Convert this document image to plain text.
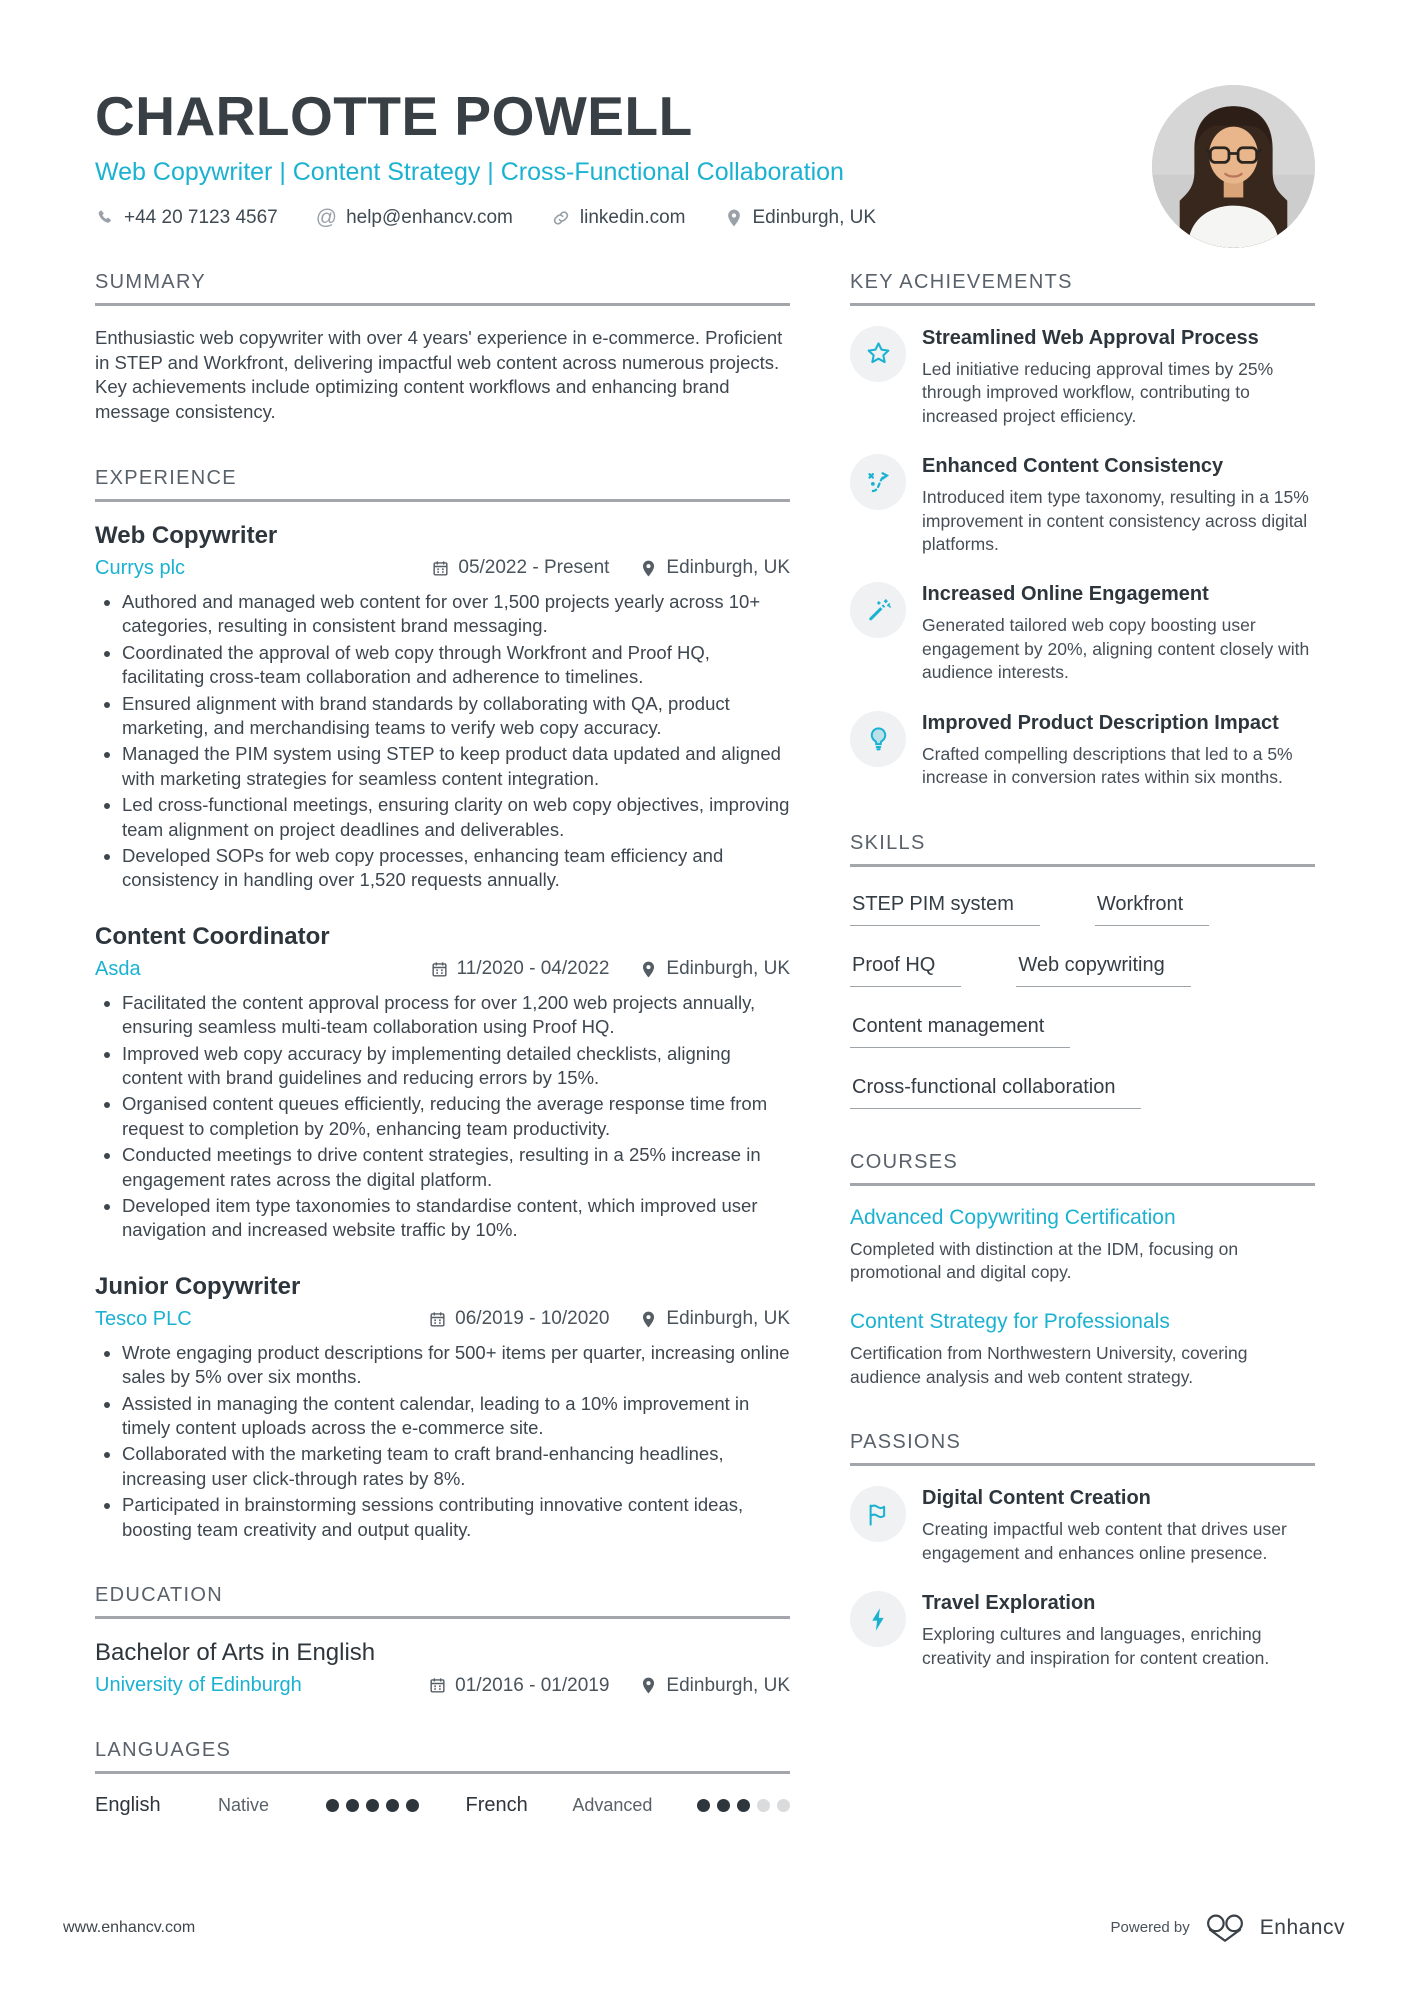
CHARLOTTE POWELL
Web Copywriter | Content Strategy | Cross-Functional Collaboration
+44 20 7123 4567 @ help@enhancv.com	linkedin.com	Edinburgh, UK
SUMMARY
Enthusiastic web copywriter with over 4 years' experience in e-commerce. Proficient in STEP and Workfront, delivering impactful web content across numerous projects. Key achievements include optimizing content workflows and enhancing brand message consistency.
EXPERIENCE
Web Copywriter
Currys plc	05/2022 - Present	Edinburgh, UK
• Authored and managed web content for over 1,500 projects yearly across 10+ categories, resulting in consistent brand messaging.
• Coordinated the approval of web copy through Workfront and Proof HQ, facilitating cross-team collaboration and adherence to timelines.
• Ensured alignment with brand standards by collaborating with QA, product marketing, and merchandising teams to verify web copy accuracy.
• Managed the PIM system using STEP to keep product data updated and aligned with marketing strategies for seamless content integration.
• Led cross-functional meetings, ensuring clarity on web copy objectives, improving team alignment on project deadlines and deliverables.
• Developed SOPs for web copy processes, enhancing team efficiency and consistency in handling over 1,520 requests annually.
Content Coordinator
Asda	11/2020 - 04/2022	Edinburgh, UK
• Facilitated the content approval process for over 1,200 web projects annually, ensuring seamless multi-team collaboration using Proof HQ.
• Improved web copy accuracy by implementing detailed checklists, aligning content with brand guidelines and reducing errors by 15%.
• Organised content queues efficiently, reducing the average response time from request to completion by 20%, enhancing team productivity.
• Conducted meetings to drive content strategies, resulting in a 25% increase in engagement rates across the digital platform.
• Developed item type taxonomies to standardise content, which improved user navigation and increased website traffic by 10%.
Junior Copywriter
Tesco PLC	06/2019 - 10/2020	Edinburgh, UK
• Wrote engaging product descriptions for 500+ items per quarter, increasing online sales by 5% over six months.
• Assisted in managing the content calendar, leading to a 10% improvement in timely content uploads across the e-commerce site.
• Collaborated with the marketing team to craft brand-enhancing headlines, increasing user click-through rates by 8%.
• Participated in brainstorming sessions contributing innovative content ideas, boosting team creativity and output quality.
EDUCATION
Bachelor of Arts in English
University of Edinburgh	01/2016 - 01/2019	Edinburgh, UK
LANGUAGES
English	Native	French Advanced
KEY ACHIEVEMENTS
Streamlined Web Approval Process
Led initiative reducing approval times by 25% through improved workflow, contributing to increased project efficiency.
Enhanced Content Consistency
Introduced item type taxonomy, resulting in a 15% improvement in content consistency across digital platforms.
Increased Online Engagement
Generated tailored web copy boosting user engagement by 20%, aligning content closely with audience interests.
Improved Product Description Impact
Crafted compelling descriptions that led to a 5% increase in conversion rates within six months.
SKILLS
STEP PIM system	Workfront
Proof HQ	Web copywriting
Content management
Cross-functional collaboration
COURSES
Advanced Copywriting Certification
Completed with distinction at the IDM, focusing on promotional and digital copy.
Content Strategy for Professionals
Certification from Northwestern University, covering audience analysis and web content strategy.
PASSIONS
Digital Content Creation
Creating impactful web content that drives user engagement and enhances online presence.
Travel Exploration
Exploring cultures and languages, enriching creativity and inspiration for content creation.
www.enhancv.com	Powered by	Enhancv
